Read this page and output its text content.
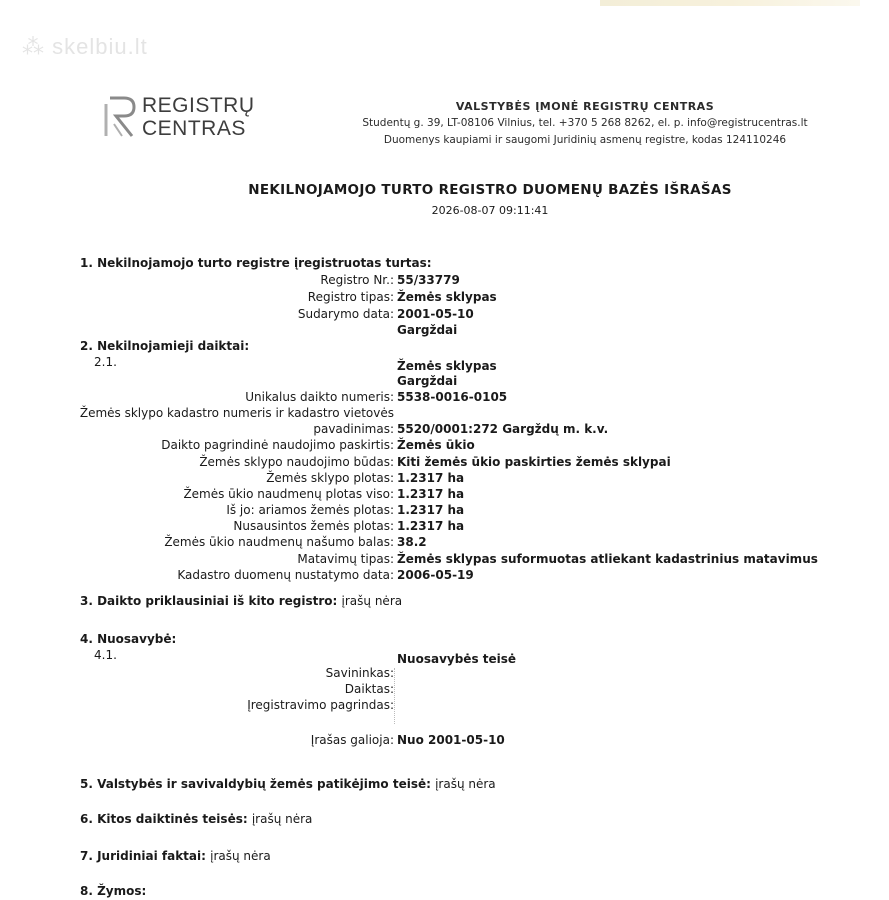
⁂ skelbiu.lt
REGISTRŲ
CENTRAS
VALSTYBĖS ĮMONĖ REGISTRŲ CENTRAS
Studentų g. 39, LT-08106 Vilnius, tel. +370 5 268 8262, el. p. info@registrucentras.lt
Duomenys kaupiami ir saugomi Juridinių asmenų registre, kodas 124110246
NEKILNOJAMOJO TURTO REGISTRO DUOMENŲ BAZĖS IŠRAŠAS
2026-08-07 09:11:41
1. Nekilnojamojo turto registre įregistruotas turtas:
Registro Nr.: 55/33779
Registro tipas: Žemės sklypas
Sudarymo data: 2001-05-10
Gargždai
2. Nekilnojamieji daiktai:
2.1.	Žemės sklypas
Gargždai
Unikalus daikto numeris: 5538-0016-0105
Žemės sklypo kadastro numeris ir kadastro vietovės
pavadinimas: 5520/0001:272 Gargždų m. k.v.
Daikto pagrindinė naudojimo paskirtis: Žemės ūkio
Žemės sklypo naudojimo būdas: Kiti žemės ūkio paskirties žemės sklypai
Žemės sklypo plotas: 1.2317 ha
Žemės ūkio naudmenų plotas viso: 1.2317 ha
Iš jo: ariamos žemės plotas: 1.2317 ha
Nusausintos žemės plotas: 1.2317 ha
Žemės ūkio naudmenų našumo balas: 38.2
Matavimų tipas: Žemės sklypas suformuotas atliekant kadastrinius matavimus
Kadastro duomenų nustatymo data: 2006-05-19
3. Daikto priklausiniai iš kito registro: įrašų nėra
4. Nuosavybė:
4.1.	Nuosavybės teisė
Savininkas:
Daiktas:
Įregistravimo pagrindas:
Įrašas galioja: Nuo 2001-05-10
5. Valstybės ir savivaldybių žemės patikėjimo teisė: įrašų nėra
6. Kitos daiktinės teisės: įrašų nėra
7. Juridiniai faktai: įrašų nėra
8. Žymos:
